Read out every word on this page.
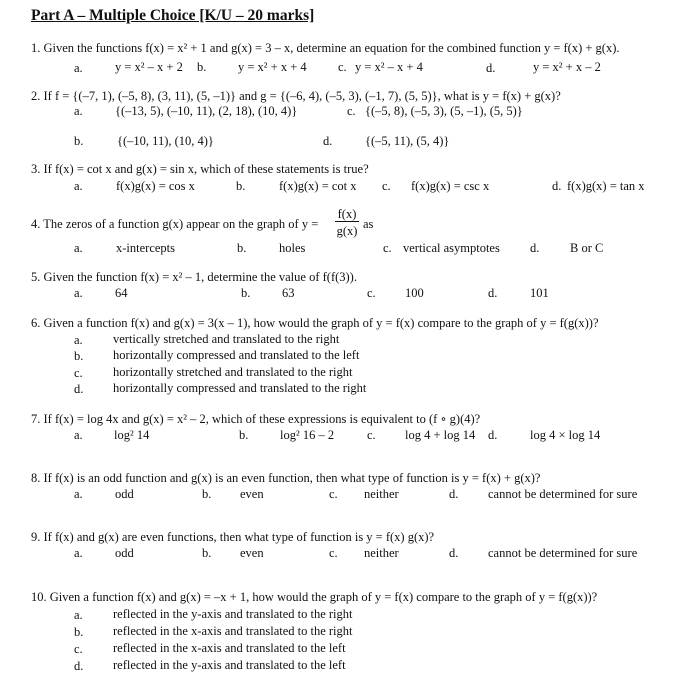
Part A – Multiple Choice [K/U – 20 marks]
1. Given the functions f(x) = x² + 1 and g(x) = 3 – x, determine an equation for the combined function y = f(x) + g(x).
a.	y = x² – x + 2 b.	y = x² + x + 4	c. y = x² – x + 4	d.	y = x² + x – 2
2. If f = {(–7, 1), (–5, 8), (3, 11), (5, –1)} and g = {(–6, 4), (–5, 3), (–1, 7), (5, 5)}, what is y = f(x) + g(x)?
a.	{(–13, 5), (–10, 11), (2, 18), (10, 4)}	c. {(–5, 8), (–5, 3), (5, –1), (5, 5)}
b.	{(–10, 11), (10, 4)}	d.	{(–5, 11), (5, 4)}
3. If f(x) = cot x and g(x) = sin x, which of these statements is true?
a.	f(x)g(x) = cos x	b.	f(x)g(x) = cot x c. f(x)g(x) = csc x	d. f(x)g(x) = tan x
4. The zeros of a function g(x) appear on the graph of y =
f(x)
g(x) as
a.	x-intercepts	b.	holes	c. vertical asymptotes d. B or C
5. Given the function f(x) = x² – 1, determine the value of f(f(3)).
a.	64	b.	63	c. 100	d.	101
6. Given a function f(x) and g(x) = 3(x – 1), how would the graph of y = f(x) compare to the graph of y = f(g(x))?
a. vertically stretched and translated to the right
b. horizontally compressed and translated to the left
c. horizontally stretched and translated to the right
d. horizontally compressed and translated to the right
7. If f(x) = log 4x and g(x) = x² – 2, which of these expressions is equivalent to (f ∘ g)(4)?
a.	log² 14	b.	log² 16 – 2	c. log 4 + log 14 d.	log 4 × log 14
8. If f(x) is an odd function and g(x) is an even function, then what type of function is y = f(x) + g(x)?
a.	odd	b. even	c. neither	d. cannot be determined for sure
9. If f(x) and g(x) are even functions, then what type of function is y = f(x) g(x)?
a.	odd	b. even	c. neither	d. cannot be determined for sure
10. Given a function f(x) and g(x) = –x + 1, how would the graph of y = f(x) compare to the graph of y = f(g(x))?
a. reflected in the y-axis and translated to the right
b. reflected in the x-axis and translated to the right
c. reflected in the x-axis and translated to the left
d. reflected in the y-axis and translated to the left
